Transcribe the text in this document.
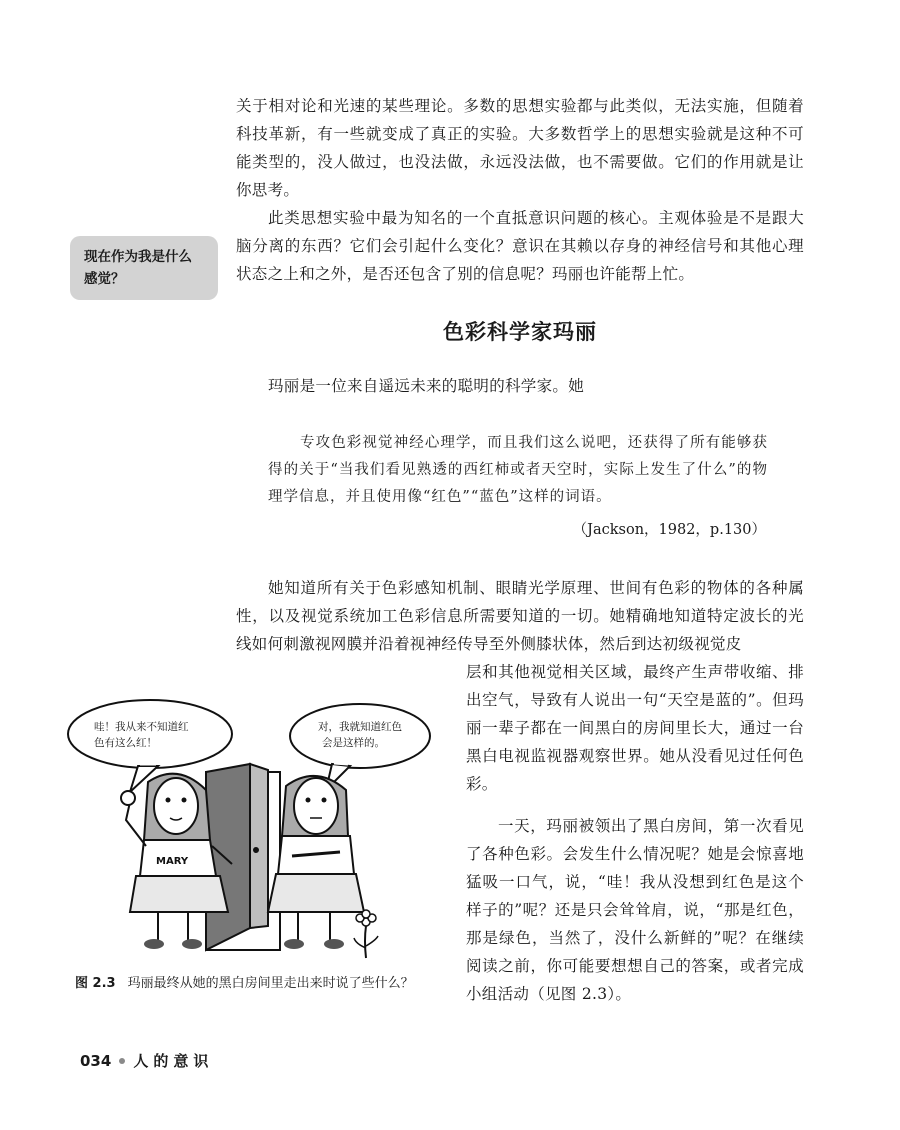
关于相对论和光速的某些理论。多数的思想实验都与此类似，无法实施，但随着科技革新，有一些就变成了真正的实验。大多数哲学上的思想实验就是这种不可能类型的，没人做过，也没法做，永远没法做，也不需要做。它们的作用就是让你思考。

此类思想实验中最为知名的一个直抵意识问题的核心。主观体验是不是跟大脑分离的东西？它们会引起什么变化？意识在其赖以存身的神经信号和其他心理状态之上和之外，是否还包含了别的信息呢？玛丽也许能帮上忙。

现在作为我是什么感觉？
色彩科学家玛丽

玛丽是一位来自遥远未来的聪明的科学家。她

专攻色彩视觉神经心理学，而且我们这么说吧，还获得了所有能够获得的关于“当我们看见熟透的西红柿或者天空时，实际上发生了什么”的物理学信息，并且使用像“红色”“蓝色”这样的词语。

（Jackson，1982，p.130）

她知道所有关于色彩感知机制、眼睛光学原理、世间有色彩的物体的各种属性，以及视觉系统加工色彩信息所需要知道的一切。她精确地知道特定波长的光线如何刺激视网膜并沿着视神经传导至外侧膝状体，然后到达初级视觉皮

层和其他视觉相关区域，最终产生声带收缩、排出空气，导致有人说出一句“天空是蓝的”。但玛丽一辈子都在一间黑白的房间里长大，通过一台黑白电视监视器观察世界。她从没看见过任何色彩。

一天，玛丽被领出了黑白房间，第一次看见了各种色彩。会发生什么情况呢？她是会惊喜地猛吸一口气，说，“哇！我从没想到红色是这个样子的”呢？还是只会耸耸肩，说，“那是红色，那是绿色，当然了，没什么新鲜的”呢？在继续阅读之前，你可能要想想自己的答案，或者完成小组活动（见图 2.3）。

哇！我从来不知道红
色有这么红！
对，我就知道红色
会是这样的。
MARY

图 2.3 玛丽最终从她的黑白房间里走出来时说了些什么？

034 人的意识
